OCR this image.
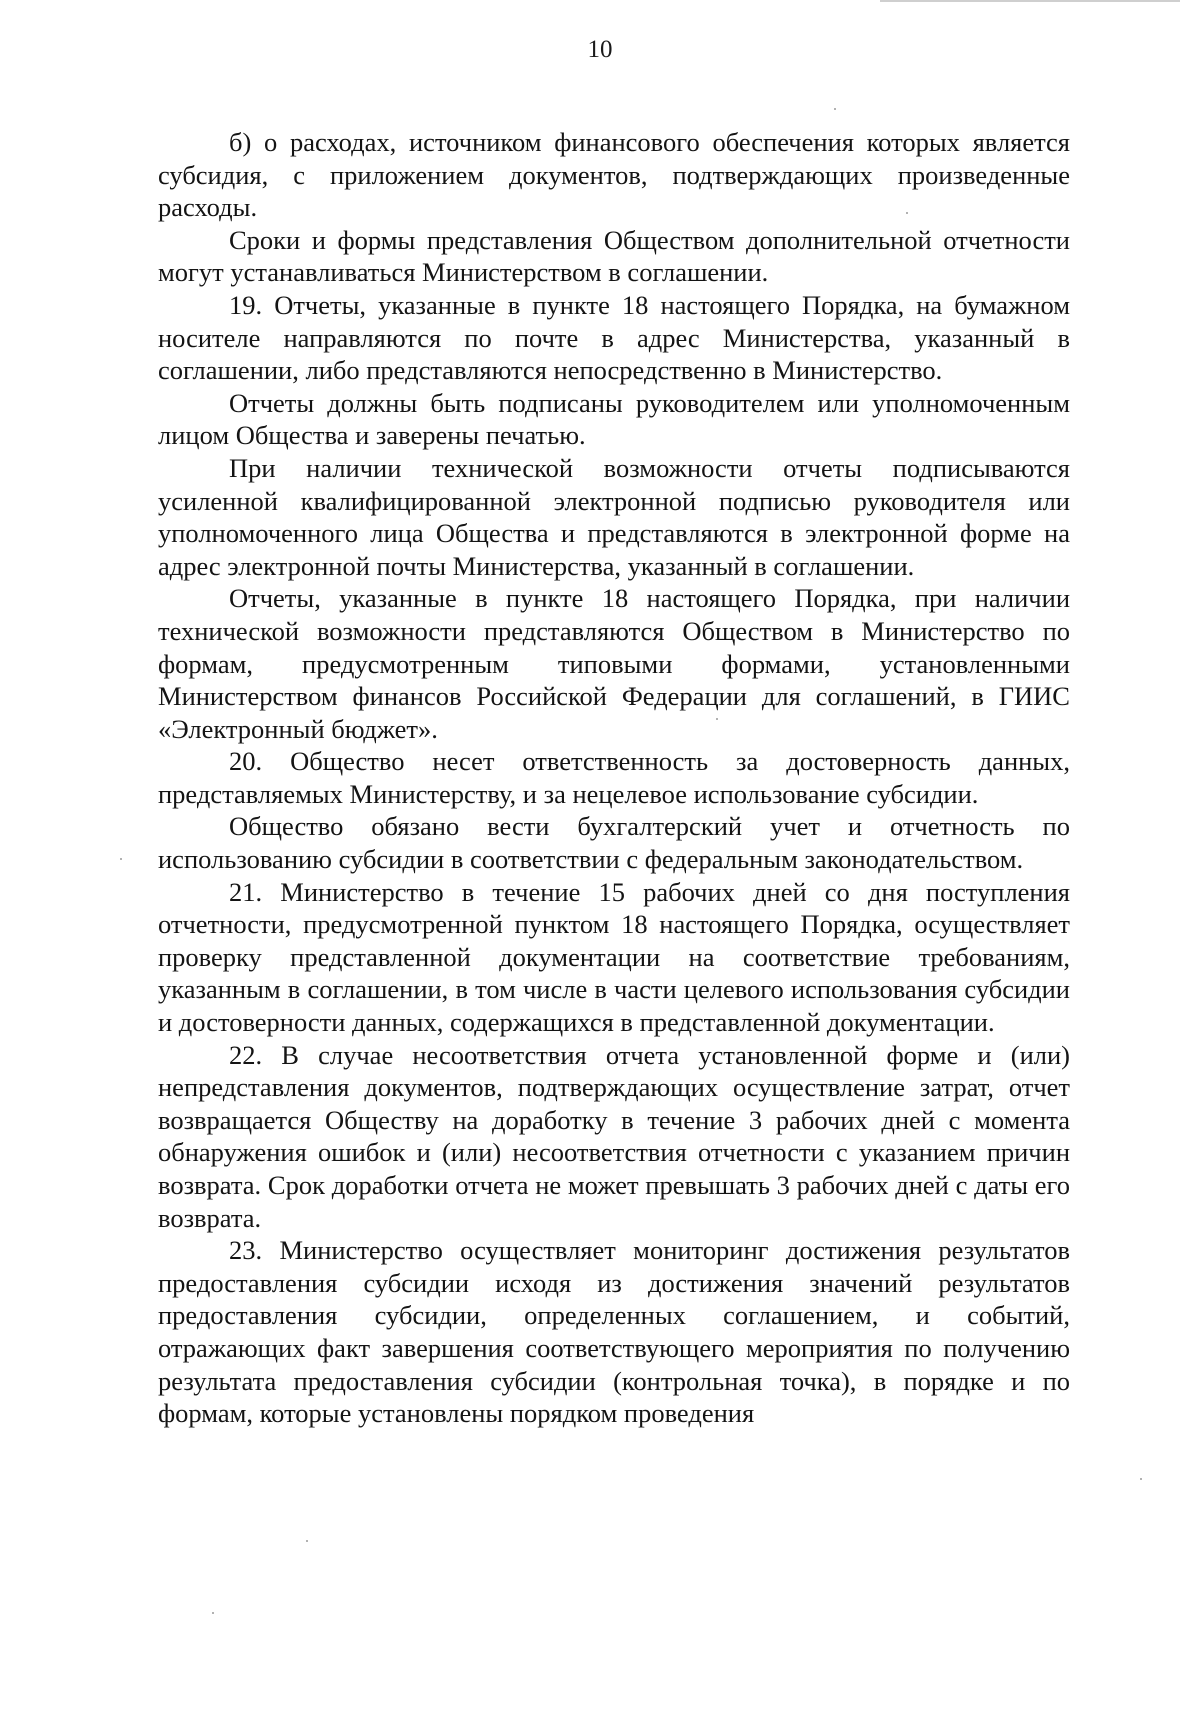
10

б) о расходах, источником финансового обеспечения которых является субсидия, с приложением документов, подтверждающих произведенные расходы.

Сроки и формы представления Обществом дополнительной отчетности могут устанавливаться Министерством в соглашении.

19. Отчеты, указанные в пункте 18 настоящего Порядка, на бумажном носителе направляются по почте в адрес Министерства, указанный в соглашении, либо представляются непосредственно в Министерство.

Отчеты должны быть подписаны руководителем или уполномоченным лицом Общества и заверены печатью.

При наличии технической возможности отчеты подписываются усиленной квалифицированной электронной подписью руководителя или уполномоченного лица Общества и представляются в электронной форме на адрес электронной почты Министерства, указанный в соглашении.

Отчеты, указанные в пункте 18 настоящего Порядка, при наличии технической возможности представляются Обществом в Министерство по формам, предусмотренным типовыми формами, установленными Министерством финансов Российской Федерации для соглашений, в ГИИС «Электронный бюджет».

20. Общество несет ответственность за достоверность данных, представляемых Министерству, и за нецелевое использование субсидии.

Общество обязано вести бухгалтерский учет и отчетность по использованию субсидии в соответствии с федеральным законодательством.

21. Министерство в течение 15 рабочих дней со дня поступления отчетности, предусмотренной пунктом 18 настоящего Порядка, осуществляет проверку представленной документации на соответствие требованиям, указанным в соглашении, в том числе в части целевого использования субсидии и достоверности данных, содержащихся в представленной документации.

22. В случае несоответствия отчета установленной форме и (или) непредставления документов, подтверждающих осуществление затрат, отчет возвращается Обществу на доработку в течение 3 рабочих дней с момента обнаружения ошибок и (или) несоответствия отчетности с указанием причин возврата. Срок доработки отчета не может превышать 3 рабочих дней с даты его возврата.

23. Министерство осуществляет мониторинг достижения результатов предоставления субсидии исходя из достижения значений результатов предоставления субсидии, определенных соглашением, и событий, отражающих факт завершения соответствующего мероприятия по получению результата предоставления субсидии (контрольная точка), в порядке и по формам, которые установлены порядком проведения
